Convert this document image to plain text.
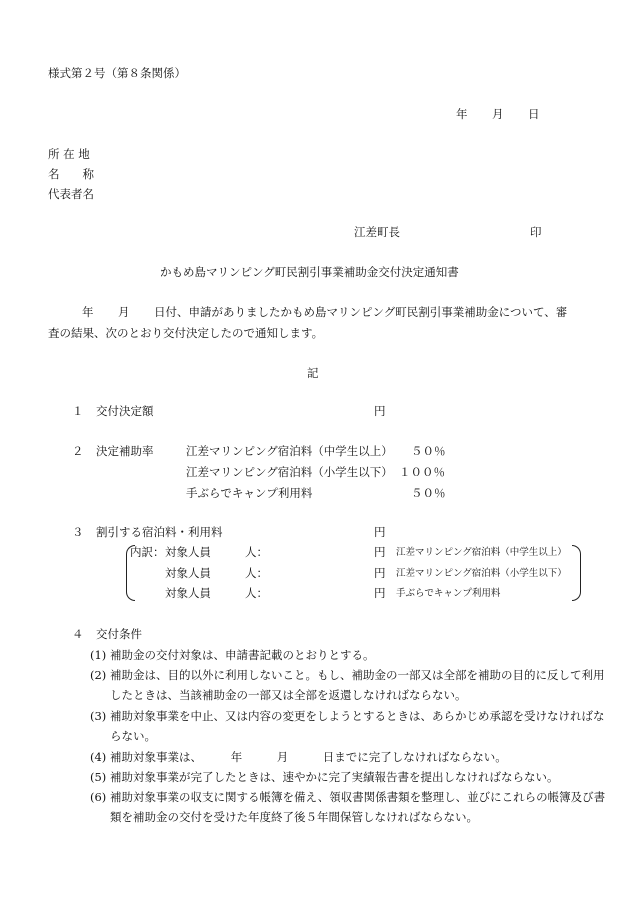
様式第２号（第８条関係）
年 月 日
所 在 地
名　　称
代表者名
江差町長	印
かもめ島マリンピング町民割引事業補助金交付決定通知書
年 月 日付、申請がありましたかもめ島マリンピング町民割引事業補助金について、審
査の結果、次のとおり交付決定したので通知します。
記
１ 交付決定額	円
２ 決定補助率	江差マリンピング宿泊料（中学生以上） ５０％
江差マリンピング宿泊料（小学生以下） １００％
手ぶらでキャンプ利用料	５０％
３ 割引する宿泊料・利用料	円
内訳： 対象人員	人：	円 江差マリンピング宿泊料（中学生以上）
対象人員	人：	円 江差マリンピング宿泊料（小学生以下）
対象人員	人：	円 手ぶらでキャンプ利用料
４ 交付条件
(1) 補助金の交付対象は、申請書記載のとおりとする。
(2) 補助金は、目的以外に利用しないこと。もし、補助金の一部又は全部を補助の目的に反して利用
したときは、当該補助金の一部又は全部を返還しなければならない。
(3) 補助対象事業を中止、又は内容の変更をしようとするときは、あらかじめ承認を受けなければな
らない。
(4) 補助対象事業は、　　　年　　　月　　　日までに完了しなければならない。
(5) 補助対象事業が完了したときは、速やかに完了実績報告書を提出しなければならない。
(6) 補助対象事業の収支に関する帳簿を備え、領収書関係書類を整理し、並びにこれらの帳簿及び書
類を補助金の交付を受けた年度終了後５年間保管しなければならない。
